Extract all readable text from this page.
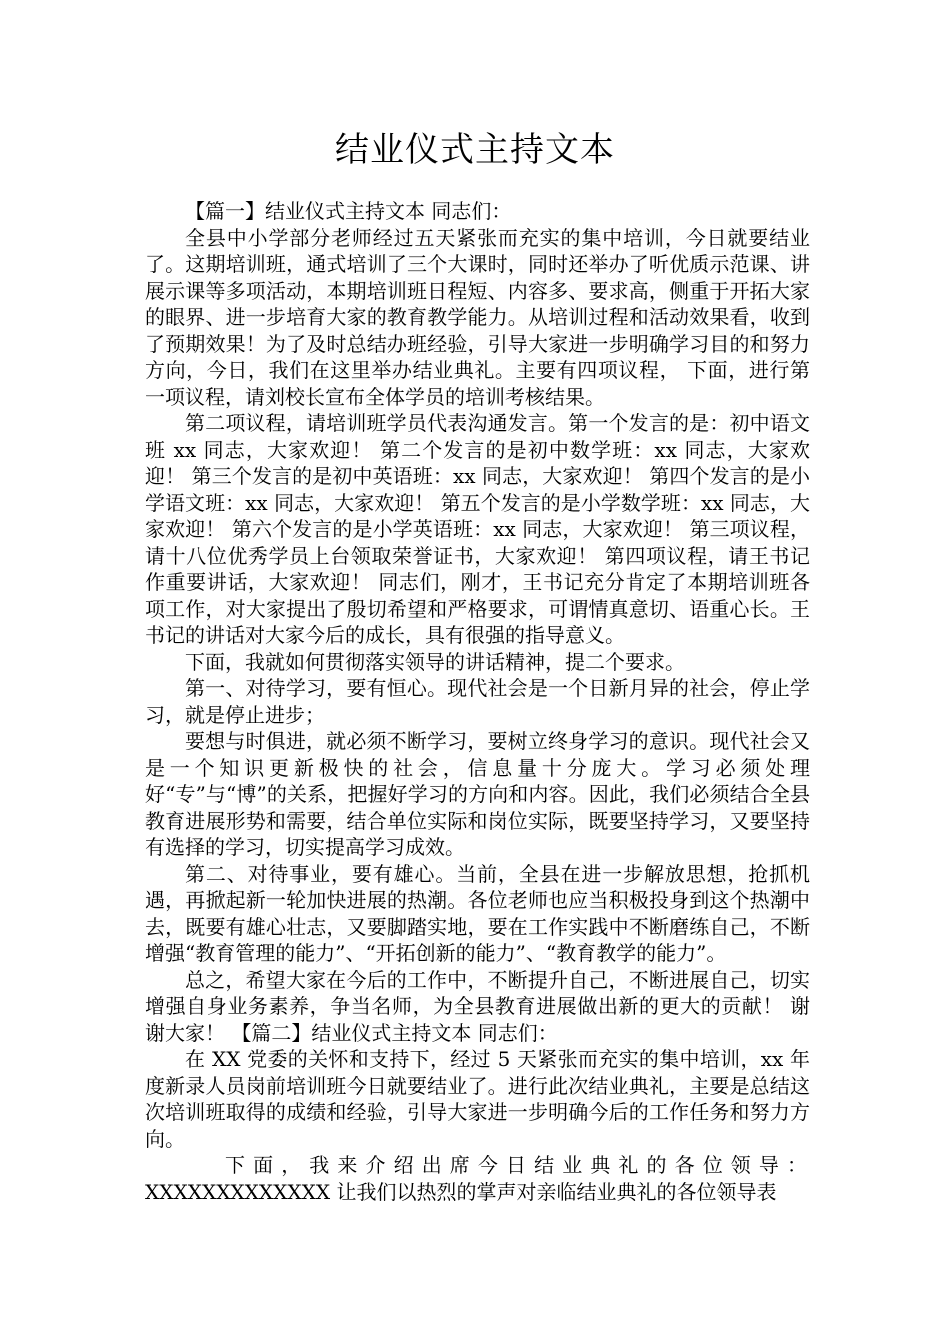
结业仪式主持文本

【篇一】结业仪式主持文本 同志们：

全县中小学部分老师经过五天紧张而充实的集中培训，今日就要结业了。这期培训班，通式培训了三个大课时，同时还举办了听优质示范课、讲展示课等多项活动，本期培训班日程短、内容多、要求高，侧重于开拓大家的眼界、进一步培育大家的教育教学能力。从培训过程和活动效果看，收到了预期效果！为了及时总结办班经验，引导大家进一步明确学习目的和努力方向，今日，我们在这里举办结业典礼。主要有四项议程， 下面，进行第一项议程，请刘校长宣布全体学员的培训考核结果。

第二项议程，请培训班学员代表沟通发言。第一个发言的是：初中语文班 xx 同志，大家欢迎！ 第二个发言的是初中数学班：xx 同志，大家欢迎！ 第三个发言的是初中英语班：xx 同志，大家欢迎！ 第四个发言的是小学语文班：xx 同志，大家欢迎！ 第五个发言的是小学数学班：xx 同志，大家欢迎！ 第六个发言的是小学英语班：xx 同志，大家欢迎！ 第三项议程，请十八位优秀学员上台领取荣誉证书，大家欢迎！ 第四项议程，请王书记作重要讲话，大家欢迎！ 同志们，刚才，王书记充分肯定了本期培训班各项工作，对大家提出了殷切希望和严格要求，可谓情真意切、语重心长。王书记的讲话对大家今后的成长，具有很强的指导意义。

下面，我就如何贯彻落实领导的讲话精神，提二个要求。

第一、对待学习，要有恒心。现代社会是一个日新月异的社会，停止学习，就是停止进步；

要想与时俱进，就必须不断学习，要树立终身学习的意识。现代社会又是一个知识更新极快的社会，信息量十分庞大。学习必须处理好“专”与“博”的关系，把握好学习的方向和内容。因此，我们必须结合全县教育进展形势和需要，结合单位实际和岗位实际，既要坚持学习，又要坚持有选择的学习，切实提高学习成效。

第二、对待事业，要有雄心。当前，全县在进一步解放思想，抢抓机遇，再掀起新一轮加快进展的热潮。各位老师也应当积极投身到这个热潮中去，既要有雄心壮志，又要脚踏实地，要在工作实践中不断磨练自己，不断增强“教育管理的能力”、“开拓创新的能力”、“教育教学的能力”。

总之，希望大家在今后的工作中，不断提升自己，不断进展自己，切实增强自身业务素养，争当名师，为全县教育进展做出新的更大的贡献！ 谢谢大家！ 【篇二】结业仪式主持文本 同志们：

在 XX 党委的关怀和支持下，经过 5 天紧张而充实的集中培训，xx 年度新录人员岗前培训班今日就要结业了。进行此次结业典礼，主要是总结这次培训班取得的成绩和经验，引导大家进一步明确今后的工作任务和努力方向。

下面，我来介绍出席今日结业典礼的各位领导：

XXXXXXXXXXXXX 让我们以热烈的掌声对亲临结业典礼的各位领导表
